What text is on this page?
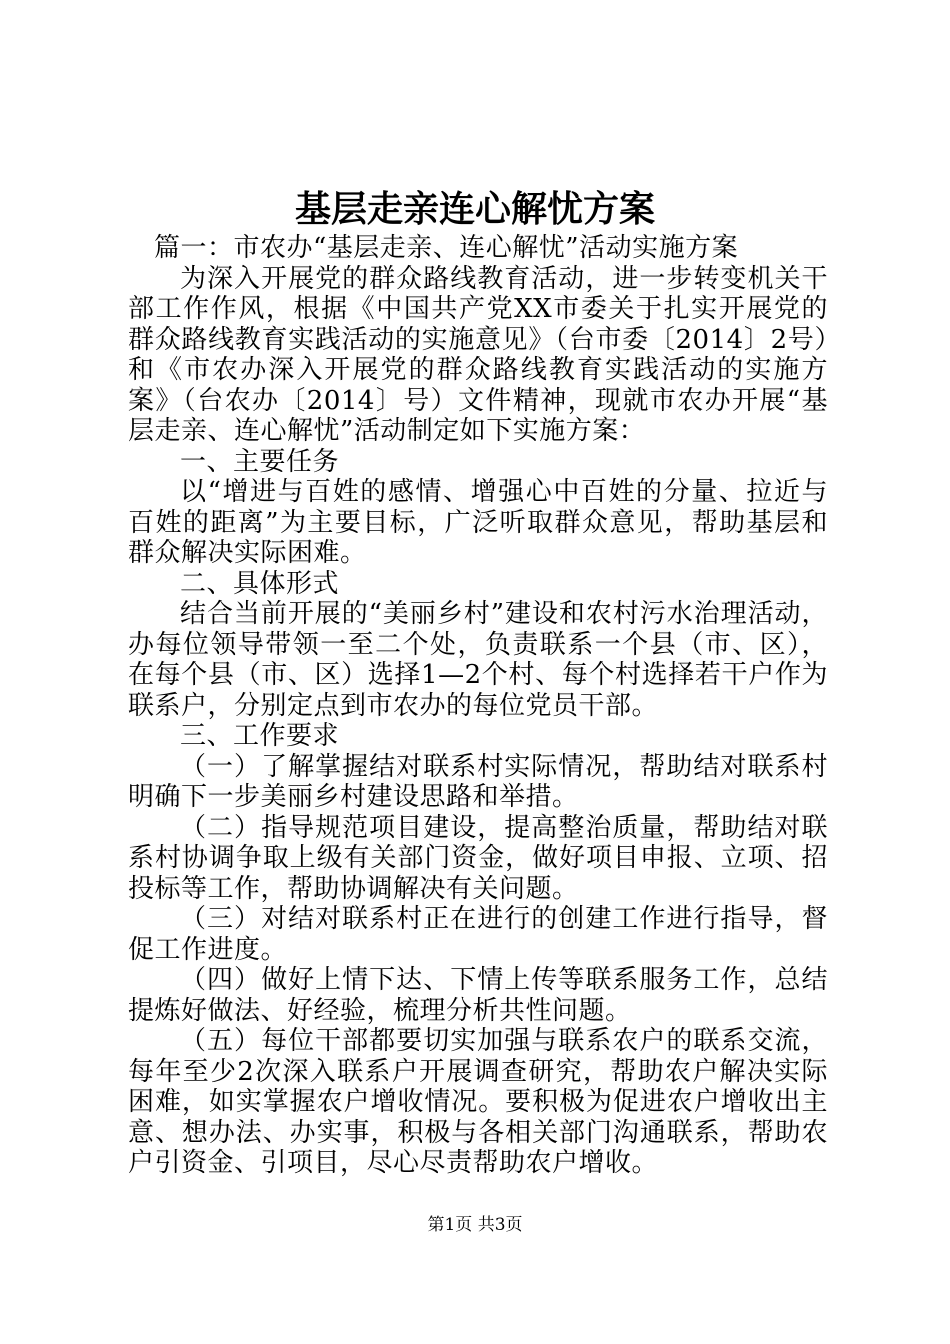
基层走亲连心解忧方案

篇一：市农办“基层走亲、连心解忧”活动实施方案

为深入开展党的群众路线教育活动，进一步转变机关干部工作作风，根据《中国共产党XX市委关于扎实开展党的群众路线教育实践活动的实施意见》（台市委〔2014〕2号）和《市农办深入开展党的群众路线教育实践活动的实施方案》（台农办〔2014〕号）文件精神，现就市农办开展“基层走亲、连心解忧”活动制定如下实施方案：

一、主要任务

以“增进与百姓的感情、增强心中百姓的分量、拉近与百姓的距离”为主要目标，广泛听取群众意见，帮助基层和群众解决实际困难。

二、具体形式

结合当前开展的“美丽乡村”建设和农村污水治理活动，办每位领导带领一至二个处，负责联系一个县（市、区），在每个县（市、区）选择1—2个村、每个村选择若干户作为联系户，分别定点到市农办的每位党员干部。

三、工作要求

（一）了解掌握结对联系村实际情况，帮助结对联系村明确下一步美丽乡村建设思路和举措。

（二）指导规范项目建设，提高整治质量，帮助结对联系村协调争取上级有关部门资金，做好项目申报、立项、招投标等工作，帮助协调解决有关问题。

（三）对结对联系村正在进行的创建工作进行指导，督促工作进度。

（四）做好上情下达、下情上传等联系服务工作，总结提炼好做法、好经验，梳理分析共性问题。

（五）每位干部都要切实加强与联系农户的联系交流，每年至少2次深入联系户开展调查研究，帮助农户解决实际困难，如实掌握农户增收情况。要积极为促进农户增收出主意、想办法、办实事，积极与各相关部门沟通联系，帮助农户引资金、引项目，尽心尽责帮助农户增收。

第1页 共3页
